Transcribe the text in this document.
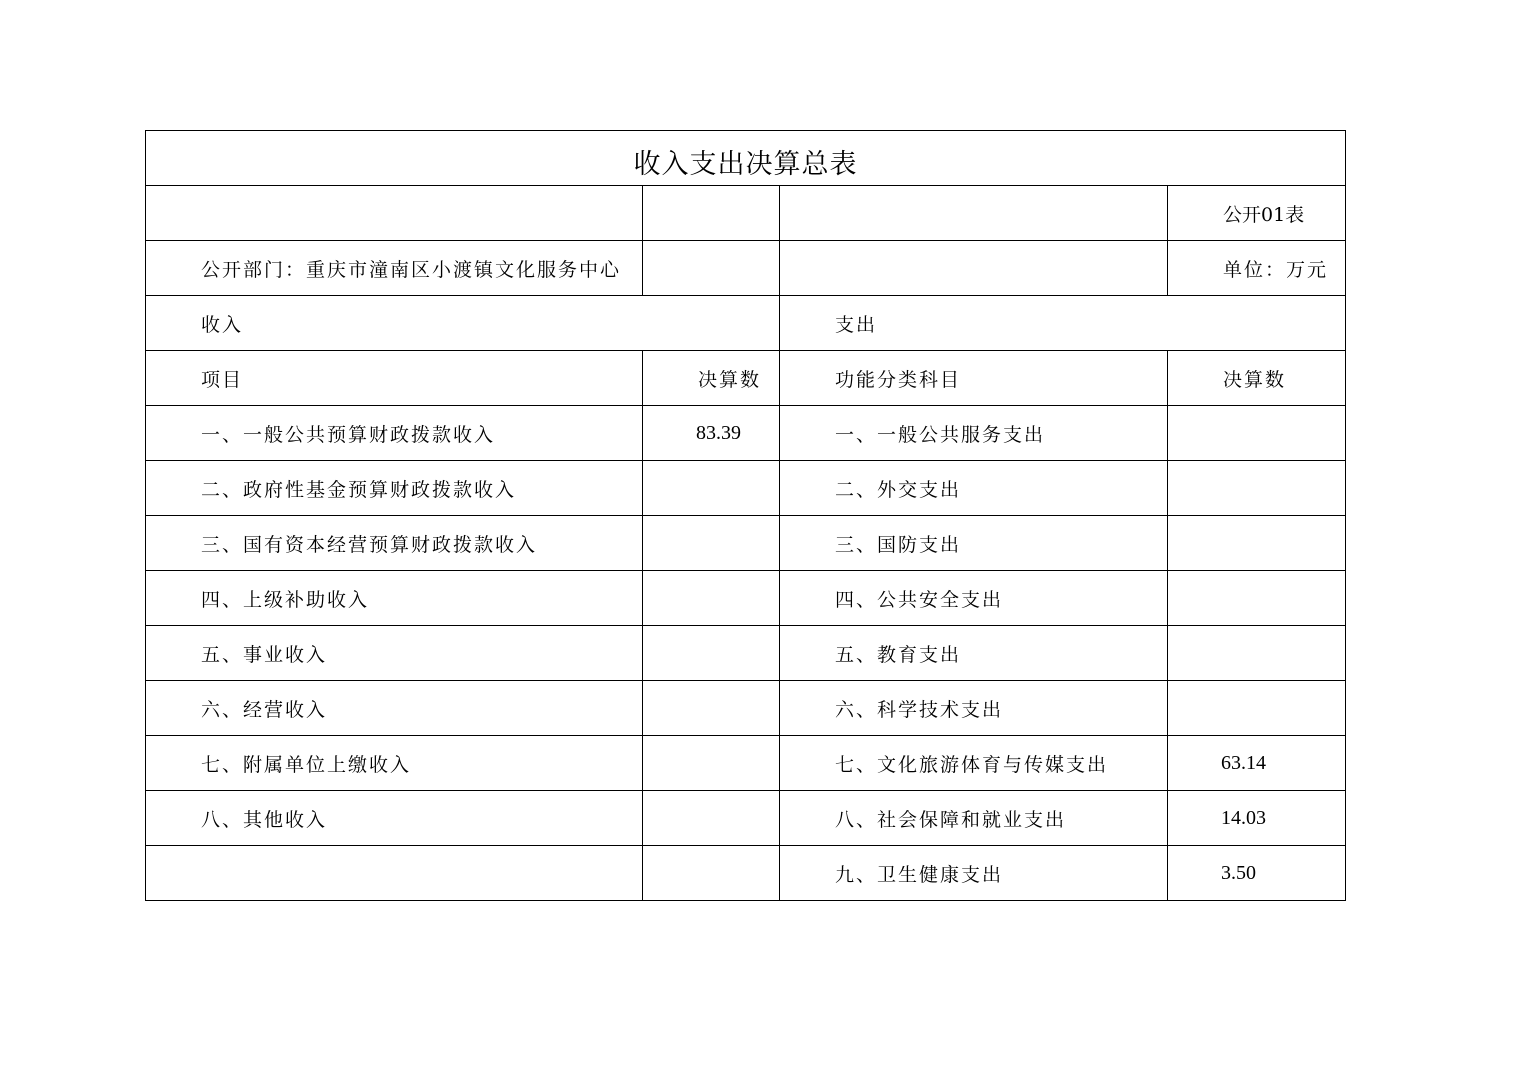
收入支出决算总表			
			公开01表
公开部门：重庆市潼南区小渡镇文化服务中心			单位：万元
收入		支出	
项目	决算数	功能分类科目	决算数
一、一般公共预算财政拨款收入	83.39	一、一般公共服务支出	
二、政府性基金预算财政拨款收入		二、外交支出	
三、国有资本经营预算财政拨款收入		三、国防支出	
四、上级补助收入		四、公共安全支出	
五、事业收入		五、教育支出	
六、经营收入		六、科学技术支出	
七、附属单位上缴收入		七、文化旅游体育与传媒支出	63.14
八、其他收入		八、社会保障和就业支出	14.03
		九、卫生健康支出	3.50
